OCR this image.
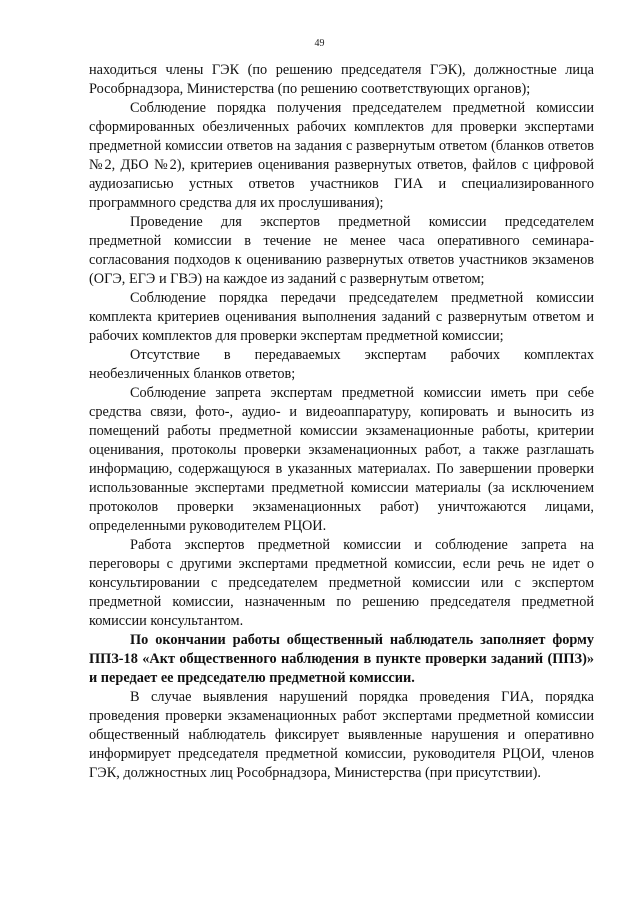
49

находиться члены ГЭК (по решению председателя ГЭК), должностные лица Рособрнадзора, Министерства (по решению соответствующих органов);

Соблюдение порядка получения председателем предметной комиссии сформированных обезличенных рабочих комплектов для проверки экспертами предметной комиссии ответов на задания с развернутым ответом (бланков ответов №2, ДБО №2), критериев оценивания развернутых ответов, файлов с цифровой аудиозаписью устных ответов участников ГИА и специализированного программного средства для их прослушивания);

Проведение для экспертов предметной комиссии председателем предметной комиссии в течение не менее часа оперативного семинара-согласования подходов к оцениванию развернутых ответов участников экзаменов (ОГЭ, ЕГЭ и ГВЭ) на каждое из заданий с развернутым ответом;

Соблюдение порядка передачи председателем предметной комиссии комплекта критериев оценивания выполнения заданий с развернутым ответом и рабочих комплектов для проверки экспертам предметной комиссии;

Отсутствие в передаваемых экспертам рабочих комплектах необезличенных бланков ответов;

Соблюдение запрета экспертам предметной комиссии иметь при себе средства связи, фото-, аудио- и видеоаппаратуру, копировать и выносить из помещений работы предметной комиссии экзаменационные работы, критерии оценивания, протоколы проверки экзаменационных работ, а также разглашать информацию, содержащуюся в указанных материалах. По завершении проверки использованные экспертами предметной комиссии материалы (за исключением протоколов проверки экзаменационных работ) уничтожаются лицами, определенными руководителем РЦОИ.

Работа экспертов предметной комиссии и соблюдение запрета на переговоры с другими экспертами предметной комиссии, если речь не идет о консультировании с председателем предметной комиссии или с экспертом предметной комиссии, назначенным по решению председателя предметной комиссии консультантом.

По окончании работы общественный наблюдатель заполняет форму ППЗ-18 «Акт общественного наблюдения в пункте проверки заданий (ППЗ)» и передает ее председателю предметной комиссии.

В случае выявления нарушений порядка проведения ГИА, порядка проведения проверки экзаменационных работ экспертами предметной комиссии общественный наблюдатель фиксирует выявленные нарушения и оперативно информирует председателя предметной комиссии, руководителя РЦОИ, членов ГЭК, должностных лиц Рособрнадзора, Министерства (при присутствии).
